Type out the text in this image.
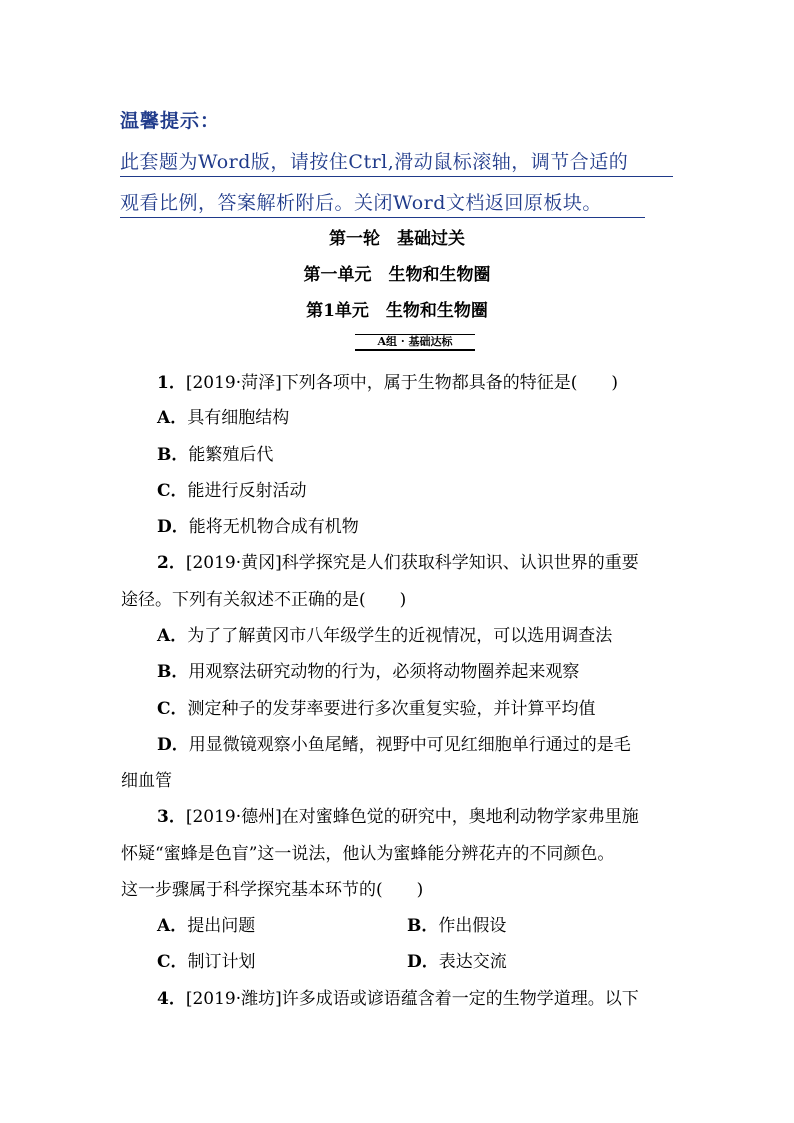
温馨提示：
此套题为Word版，请按住Ctrl,滑动鼠标滚轴，调节合适的
观看比例，答案解析附后。关闭Word文档返回原板块。
第一轮　基础过关
第一单元　生物和生物圈
第1单元　生物和生物圈
A组 · 基础达标
1．[2019·菏泽]下列各项中，属于生物都具备的特征是(　　)
A．具有细胞结构
B．能繁殖后代
C．能进行反射活动
D．能将无机物合成有机物
2．[2019·黄冈]科学探究是人们获取科学知识、认识世界的重要
途径。下列有关叙述不正确的是(　　)
A．为了了解黄冈市八年级学生的近视情况，可以选用调查法
B．用观察法研究动物的行为，必须将动物圈养起来观察
C．测定种子的发芽率要进行多次重复实验，并计算平均值
D．用显微镜观察小鱼尾鳍，视野中可见红细胞单行通过的是毛
细血管
3．[2019·德州]在对蜜蜂色觉的研究中，奥地利动物学家弗里施
怀疑“蜜蜂是色盲”这一说法，他认为蜜蜂能分辨花卉的不同颜色。
这一步骤属于科学探究基本环节的(　　)
A．提出问题	B．作出假设
C．制订计划	D．表达交流
4．[2019·潍坊]许多成语或谚语蕴含着一定的生物学道理。以下
